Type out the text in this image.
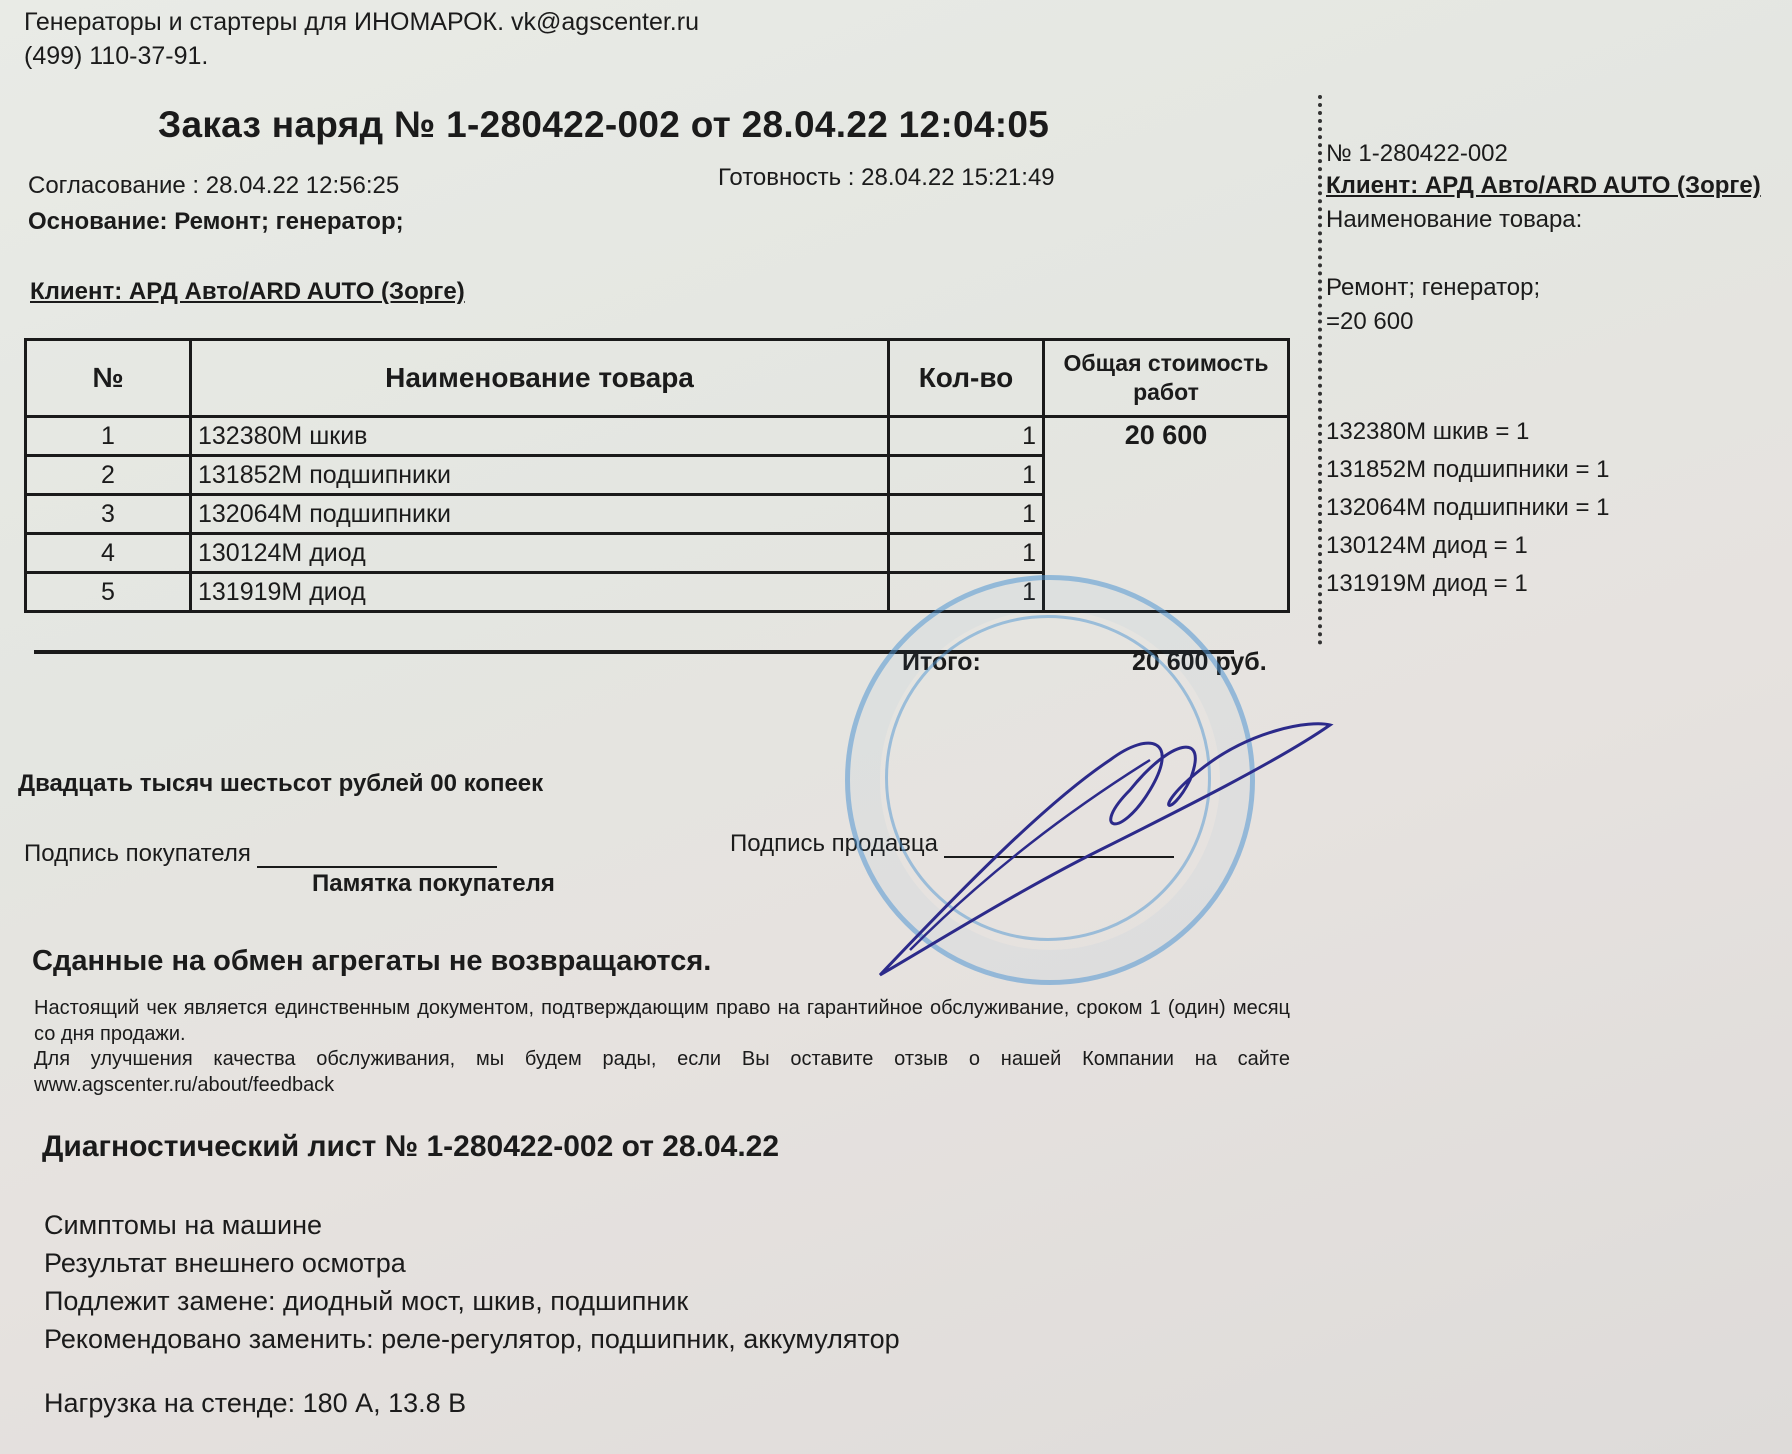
Генераторы и стартеры для ИНОМАРОК. vk@agscenter.ru
(499) 110-37-91.
Заказ наряд № 1-280422-002 от 28.04.22 12:04:05
Согласование : 28.04.22 12:56:25	Готовность : 28.04.22 15:21:49
Основание: Ремонт; генератор;
Клиент: АРД Авто/ARD AUTO (Зорге)
№	Наименование товара	Кол-во	Общая стоимость работ
1	132380M шкив	1	20 600
2	131852M подшипники	1	
3	132064M подшипники	1	
4	130124M диод	1	
5	131919M диод	1	
Итого:	20 600 руб.
Двадцать тысяч шестьсот рублей 00 копеек
Подпись покупателя	Подпись продавца
Памятка покупателя
Сданные на обмен агрегаты не возвращаются.
Настоящий чек является единственным документом, подтверждающим право на гарантийное обслуживание, сроком 1 (один) месяц со дня продажи.
Для улучшения качества обслуживания, мы будем рады, если Вы оставите отзыв о нашей Компании на сайте www.agscenter.ru/about/feedback
Диагностический лист № 1-280422-002 от 28.04.22
Симптомы на машине
Результат внешнего осмотра
Подлежит замене: диодный мост, шкив, подшипник
Рекомендовано заменить: реле-регулятор, подшипник, аккумулятор
Нагрузка на стенде: 180 А, 13.8 В
№ 1-280422-002
Клиент: АРД Авто/ARD AUTO (Зорге)
Наименование товара:
Ремонт; генератор;
=20 600
132380M шкив = 1
131852M подшипники = 1
132064M подшипники = 1
130124M диод = 1
131919M диод = 1
